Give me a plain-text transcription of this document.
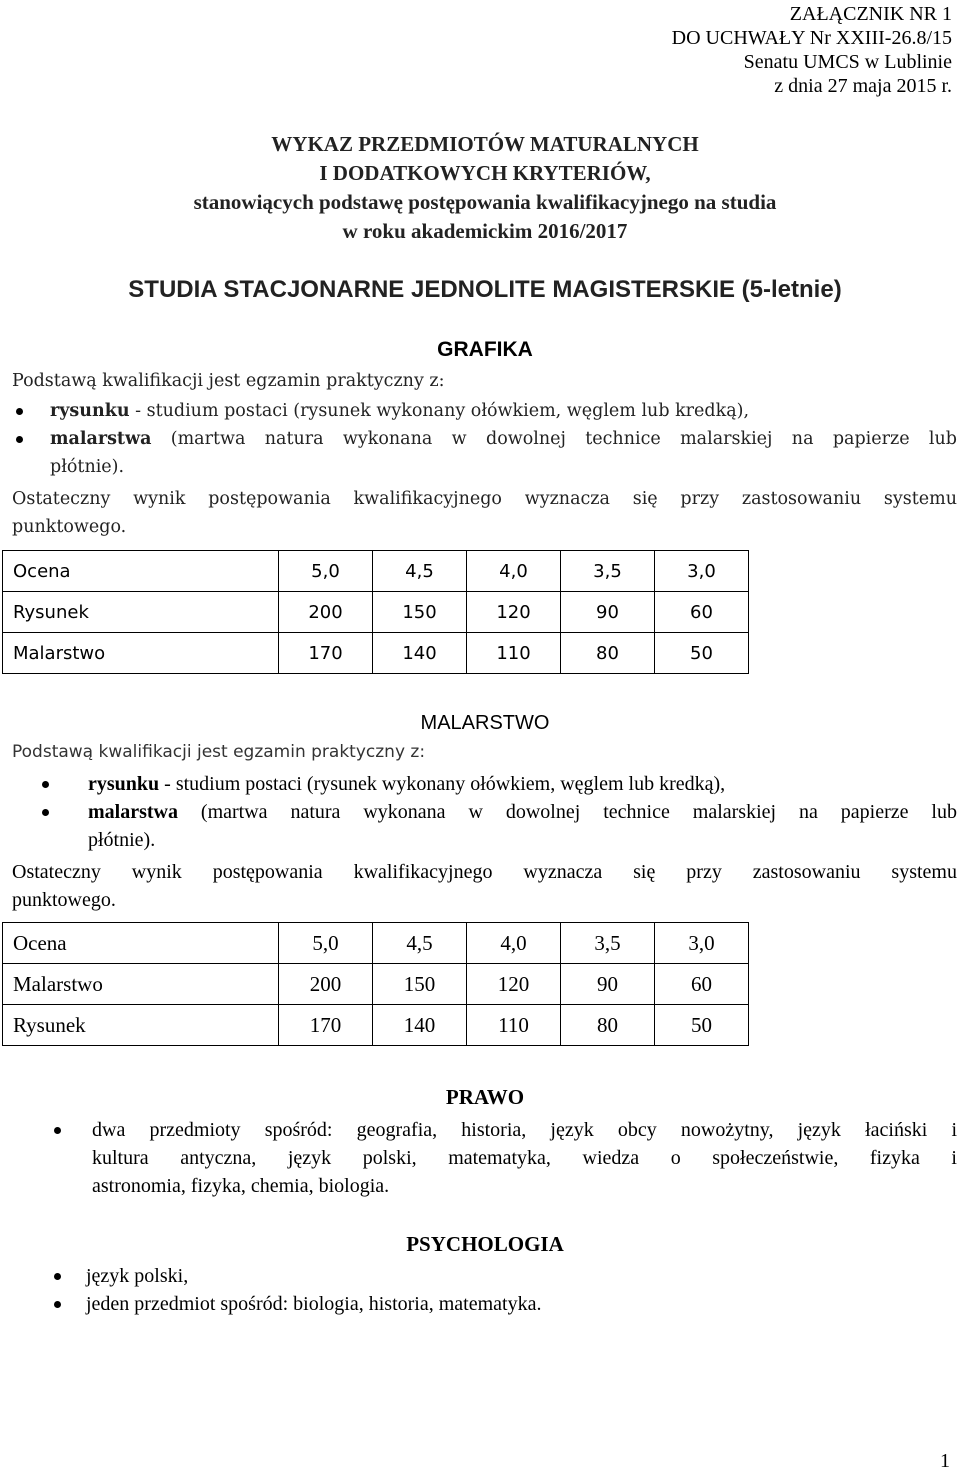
ZAŁĄCZNIK NR 1
DO UCHWAŁY Nr XXIII-26.8/15
Senatu UMCS w Lublinie
z dnia 27 maja 2015 r.
WYKAZ PRZEDMIOTÓW MATURALNYCH
I DODATKOWYCH KRYTERIÓW,
stanowiących podstawę postępowania kwalifikacyjnego na studia
w roku akademickim 2016/2017
STUDIA STACJONARNE JEDNOLITE MAGISTERSKIE (5-letnie)
GRAFIKA
Podstawą kwalifikacji jest egzamin praktyczny z:
rysunku - studium postaci (rysunek wykonany ołówkiem, węglem lub kredką),
malarstwa (martwa natura wykonana w dowolnej technice malarskiej na papierze lub
płótnie).
Ostateczny wynik postępowania kwalifikacyjnego wyznacza się przy zastosowaniu systemu
punktowego.
Ocena	5,0	4,5	4,0	3,5	3,0
Rysunek	200	150	120	90	60
Malarstwo	170	140	110	80	50
MALARSTWO
Podstawą kwalifikacji jest egzamin praktyczny z:
rysunku - studium postaci (rysunek wykonany ołówkiem, węglem lub kredką),
malarstwa (martwa natura wykonana w dowolnej technice malarskiej na papierze lub
płótnie).
Ostateczny wynik postępowania kwalifikacyjnego wyznacza się przy zastosowaniu systemu
punktowego.
Ocena	5,0	4,5	4,0	3,5	3,0
Malarstwo	200	150	120	90	60
Rysunek	170	140	110	80	50
PRAWO
dwa przedmioty spośród: geografia, historia, język obcy nowożytny, język łaciński i
kultura antyczna, język polski, matematyka, wiedza o społeczeństwie, fizyka i
astronomia, fizyka, chemia, biologia.
PSYCHOLOGIA
język polski,
jeden przedmiot spośród: biologia, historia, matematyka.
1
